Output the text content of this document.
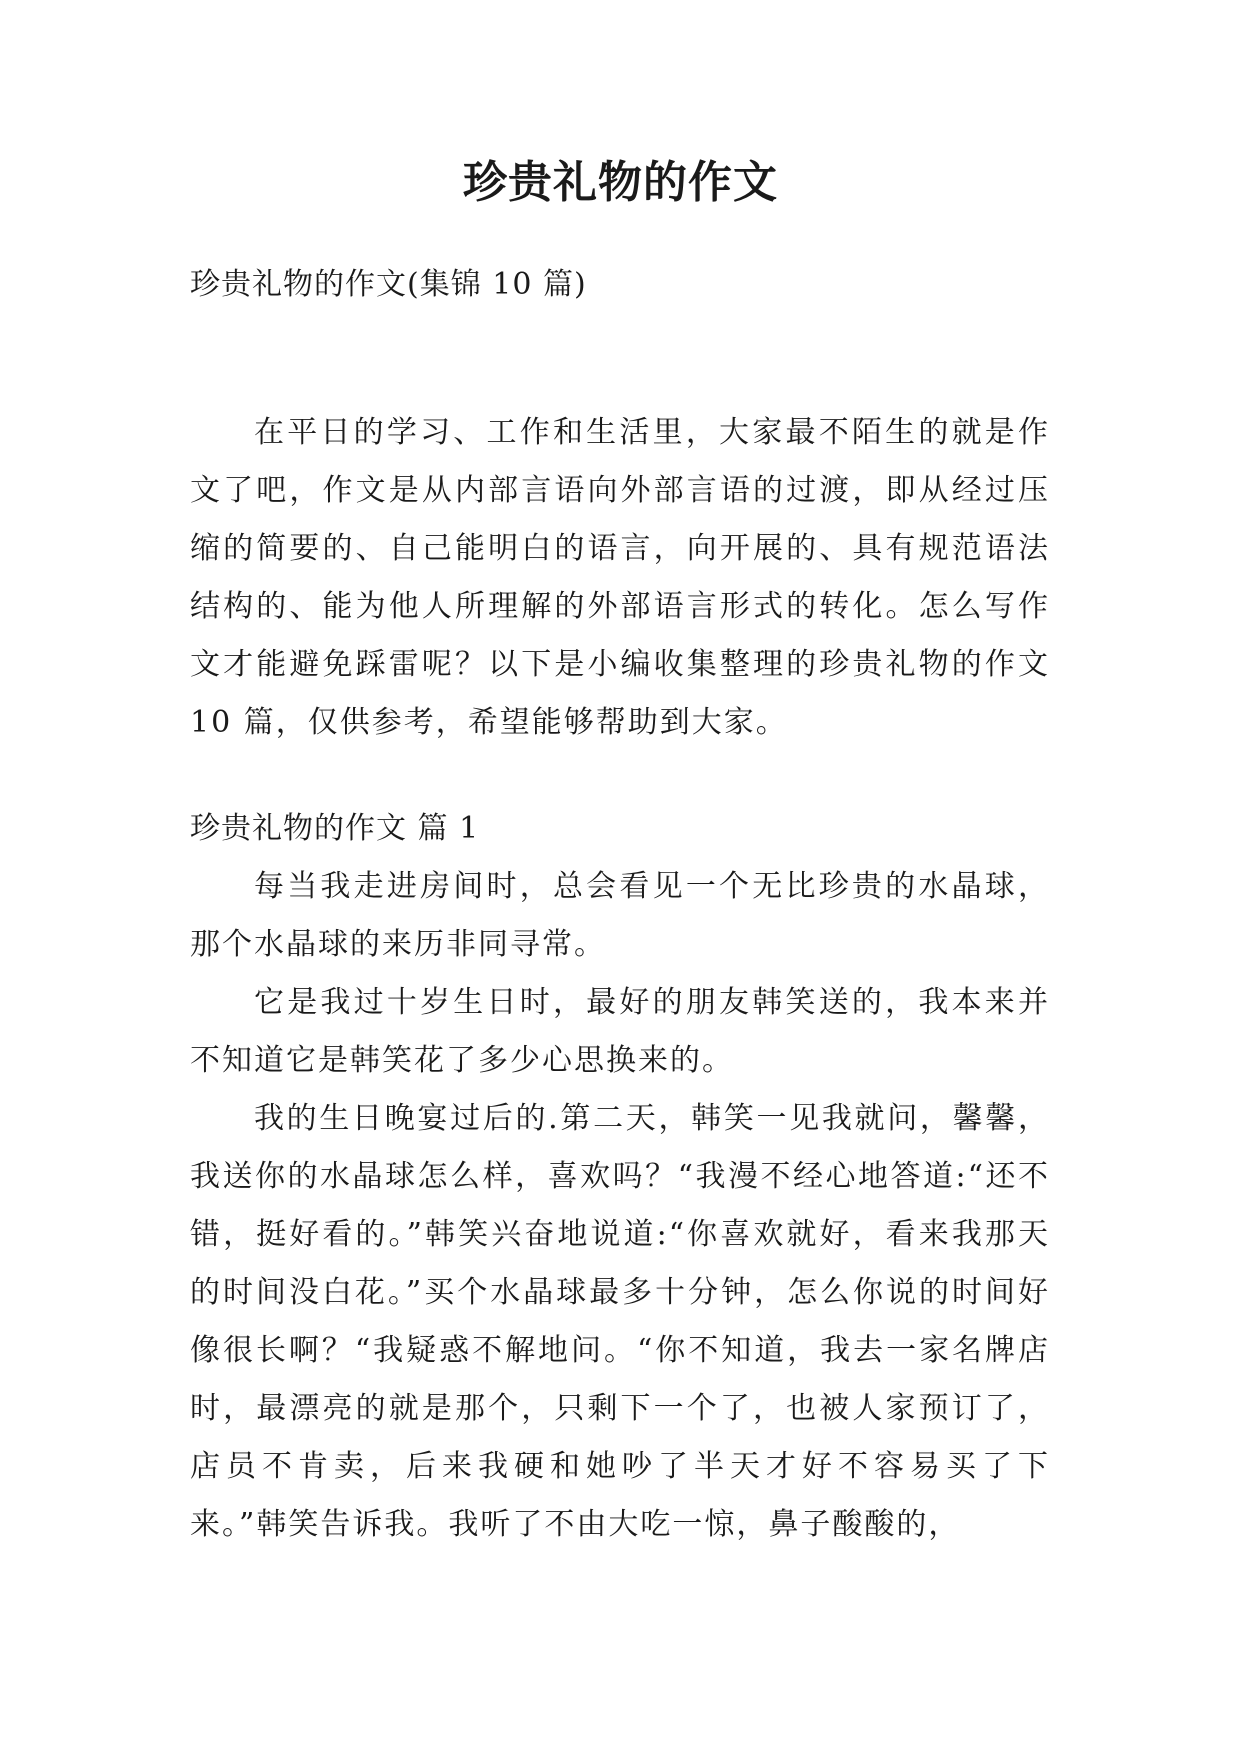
珍贵礼物的作文
珍贵礼物的作文(集锦 10 篇)

在平日的学习、工作和生活里，大家最不陌生的就是作文了吧，作文是从内部言语向外部言语的过渡，即从经过压缩的简要的、自己能明白的语言，向开展的、具有规范语法结构的、能为他人所理解的外部语言形式的转化。怎么写作文才能避免踩雷呢？以下是小编收集整理的珍贵礼物的作文 10 篇，仅供参考，希望能够帮助到大家。

珍贵礼物的作文 篇 1

每当我走进房间时，总会看见一个无比珍贵的水晶球，那个水晶球的来历非同寻常。

它是我过十岁生日时，最好的朋友韩笑送的，我本来并不知道它是韩笑花了多少心思换来的。

我的生日晚宴过后的.第二天，韩笑一见我就问，馨馨，我送你的水晶球怎么样，喜欢吗？“我漫不经心地答道:“还不错，挺好看的。”韩笑兴奋地说道:“你喜欢就好，看来我那天的时间没白花。”买个水晶球最多十分钟，怎么你说的时间好像很长啊？“我疑惑不解地问。“你不知道，我去一家名牌店时，最漂亮的就是那个，只剩下一个了，也被人家预订了，店员不肯卖，后来我硬和她吵了半天才好不容易买了下来。”韩笑告诉我。我听了不由大吃一惊，鼻子酸酸的，
